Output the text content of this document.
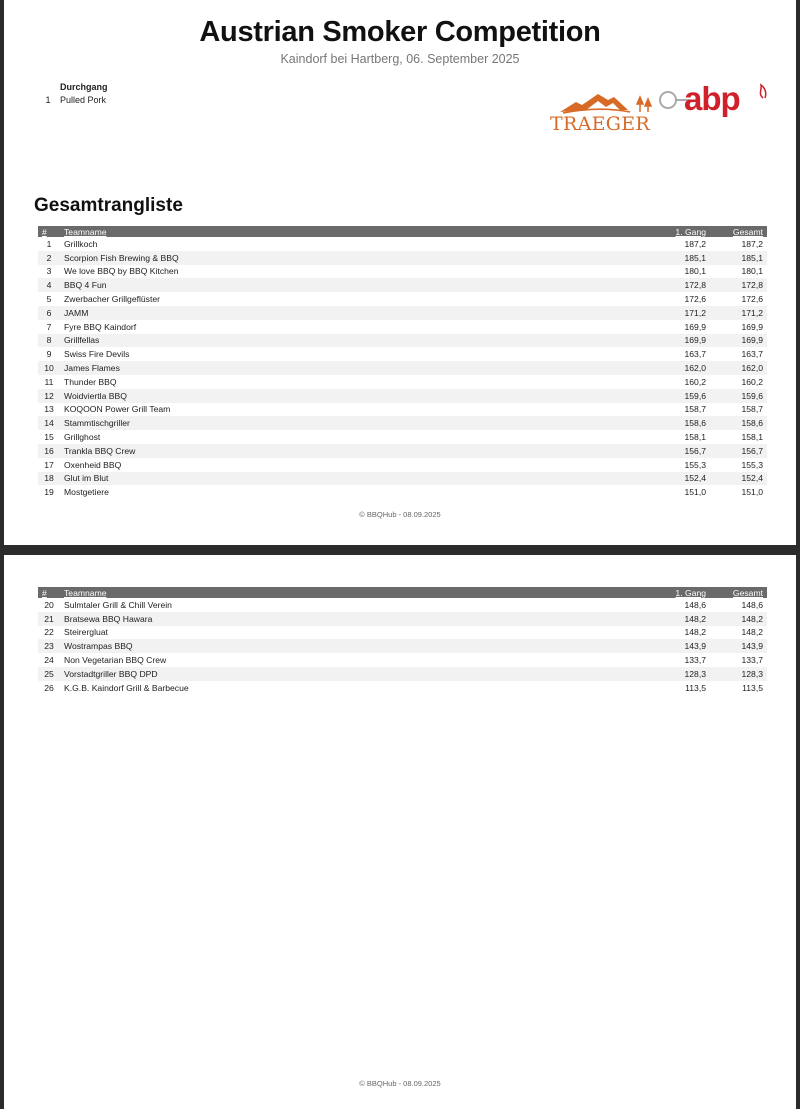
Austrian Smoker Competition
Kaindorf bei Hartberg, 06. September 2025
Durchgang
1 Pulled Pork
TRAEGER
abp
Gesamtrangliste
#	Teamname	1. Gang	Gesamt
1	Grillkoch	187,2	187,2
2	Scorpion Fish Brewing & BBQ	185,1	185,1
3	We love BBQ by BBQ Kitchen	180,1	180,1
4	BBQ 4 Fun	172,8	172,8
5	Zwerbacher Grillgeflüster	172,6	172,6
6	JAMM	171,2	171,2
7	Fyre BBQ Kaindorf	169,9	169,9
8	Grillfellas	169,9	169,9
9	Swiss Fire Devils	163,7	163,7
10	James Flames	162,0	162,0
11	Thunder BBQ	160,2	160,2
12	Woidviertla BBQ	159,6	159,6
13	KOQOON Power Grill Team	158,7	158,7
14	Stammtischgriller	158,6	158,6
15	Grillghost	158,1	158,1
16	Trankla BBQ Crew	156,7	156,7
17	Oxenheid BBQ	155,3	155,3
18	Glut im Blut	152,4	152,4
19	Mostgetiere	151,0	151,0
© BBQHub - 08.09.2025
#	Teamname	1. Gang	Gesamt
20	Sulmtaler Grill & Chill Verein	148,6	148,6
21	Bratsewa BBQ Hawara	148,2	148,2
22	Steirergluat	148,2	148,2
23	Wostrampas BBQ	143,9	143,9
24	Non Vegetarian BBQ Crew	133,7	133,7
25	Vorstadtgriller BBQ DPD	128,3	128,3
26	K.G.B. Kaindorf Grill & Barbecue	113,5	113,5
© BBQHub - 08.09.2025
